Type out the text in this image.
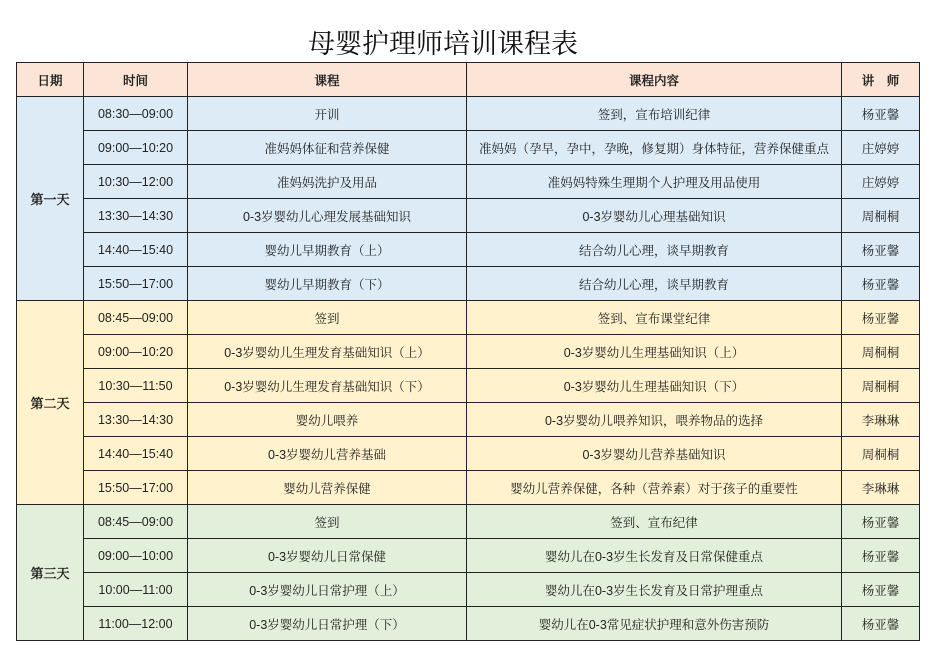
母婴护理师培训课程表
日期	时间	课程	课程内容	讲　师
第一天	08:30—09:00	开训	签到，宣布培训纪律	杨亚馨
	09:00—10:20	准妈妈体征和营养保健	准妈妈（孕早，孕中，孕晚，修复期）身体特征，营养保健重点	庄婷婷
	10:30—12:00	准妈妈洗护及用品	准妈妈特殊生理期个人护理及用品使用	庄婷婷
	13:30—14:30	0-3岁婴幼儿心理发展基础知识	0-3岁婴幼儿心理基础知识	周桐桐
	14:40—15:40	婴幼儿早期教育（上）	结合幼儿心理，谈早期教育	杨亚馨
	15:50—17:00	婴幼儿早期教育（下）	结合幼儿心理，谈早期教育	杨亚馨
第二天	08:45—09:00	签到	签到、宣布课堂纪律	杨亚馨
	09:00—10:20	0-3岁婴幼儿生理发育基础知识（上）	0-3岁婴幼儿生理基础知识（上）	周桐桐
	10:30—11:50	0-3岁婴幼儿生理发育基础知识（下）	0-3岁婴幼儿生理基础知识（下）	周桐桐
	13:30—14:30	婴幼儿喂养	0-3岁婴幼儿喂养知识，喂养物品的选择	李琳琳
	14:40—15:40	0-3岁婴幼儿营养基础	0-3岁婴幼儿营养基础知识	周桐桐
	15:50—17:00	婴幼儿营养保健	婴幼儿营养保健，各种（营养素）对于孩子的重要性	李琳琳
第三天	08:45—09:00	签到	签到、宣布纪律	杨亚馨
	09:00—10:00	0-3岁婴幼儿日常保健	婴幼儿在0-3岁生长发育及日常保健重点	杨亚馨
	10:00—11:00	0-3岁婴幼儿日常护理（上）	婴幼儿在0-3岁生长发育及日常护理重点	杨亚馨
	11:00—12:00	0-3岁婴幼儿日常护理（下）	婴幼儿在0-3常见症状护理和意外伤害预防	杨亚馨
